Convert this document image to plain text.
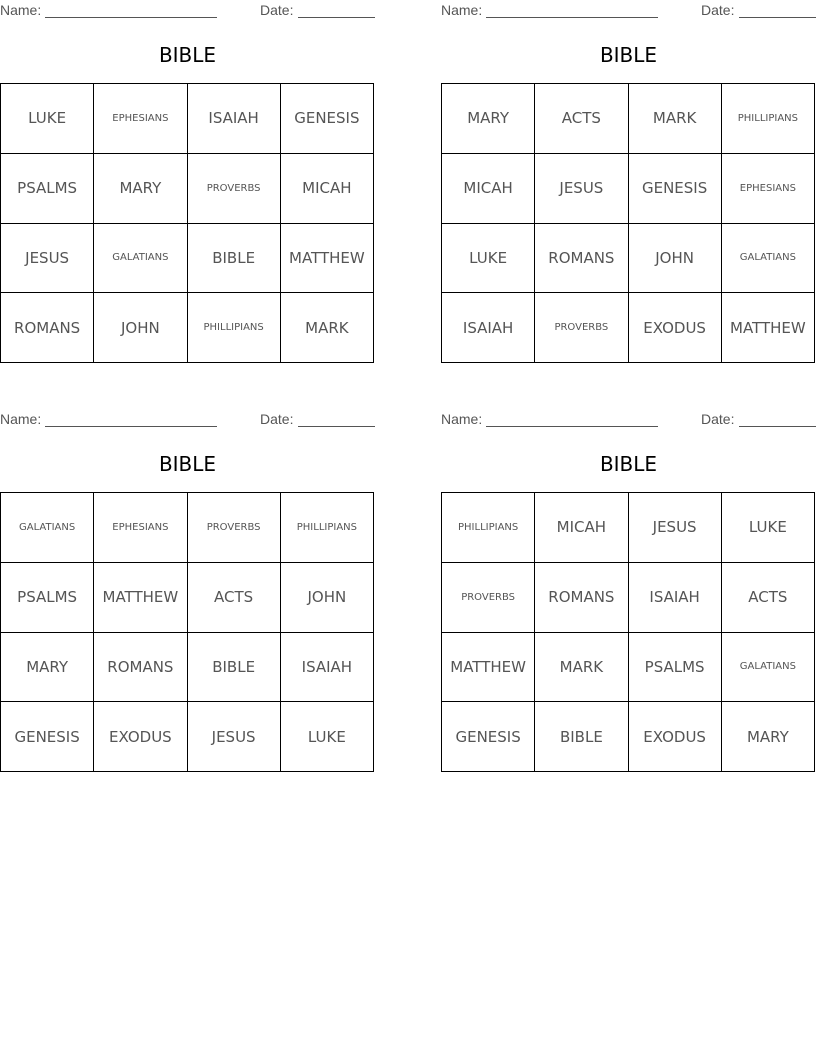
Name:	Date:
BIBLE
LUKE	EPHESIANS	ISAIAH	GENESIS
PSALMS	MARY	PROVERBS	MICAH
JESUS	GALATIANS	BIBLE	MATTHEW
ROMANS	JOHN	PHILLIPIANS	MARK
Name:	Date:
BIBLE
MARY	ACTS	MARK	PHILLIPIANS
MICAH	JESUS	GENESIS	EPHESIANS
LUKE	ROMANS	JOHN	GALATIANS
ISAIAH	PROVERBS	EXODUS	MATTHEW
Name:	Date:
BIBLE
GALATIANS	EPHESIANS	PROVERBS	PHILLIPIANS
PSALMS	MATTHEW	ACTS	JOHN
MARY	ROMANS	BIBLE	ISAIAH
GENESIS	EXODUS	JESUS	LUKE
Name:	Date:
BIBLE
PHILLIPIANS	MICAH	JESUS	LUKE
PROVERBS	ROMANS	ISAIAH	ACTS
MATTHEW	MARK	PSALMS	GALATIANS
GENESIS	BIBLE	EXODUS	MARY
